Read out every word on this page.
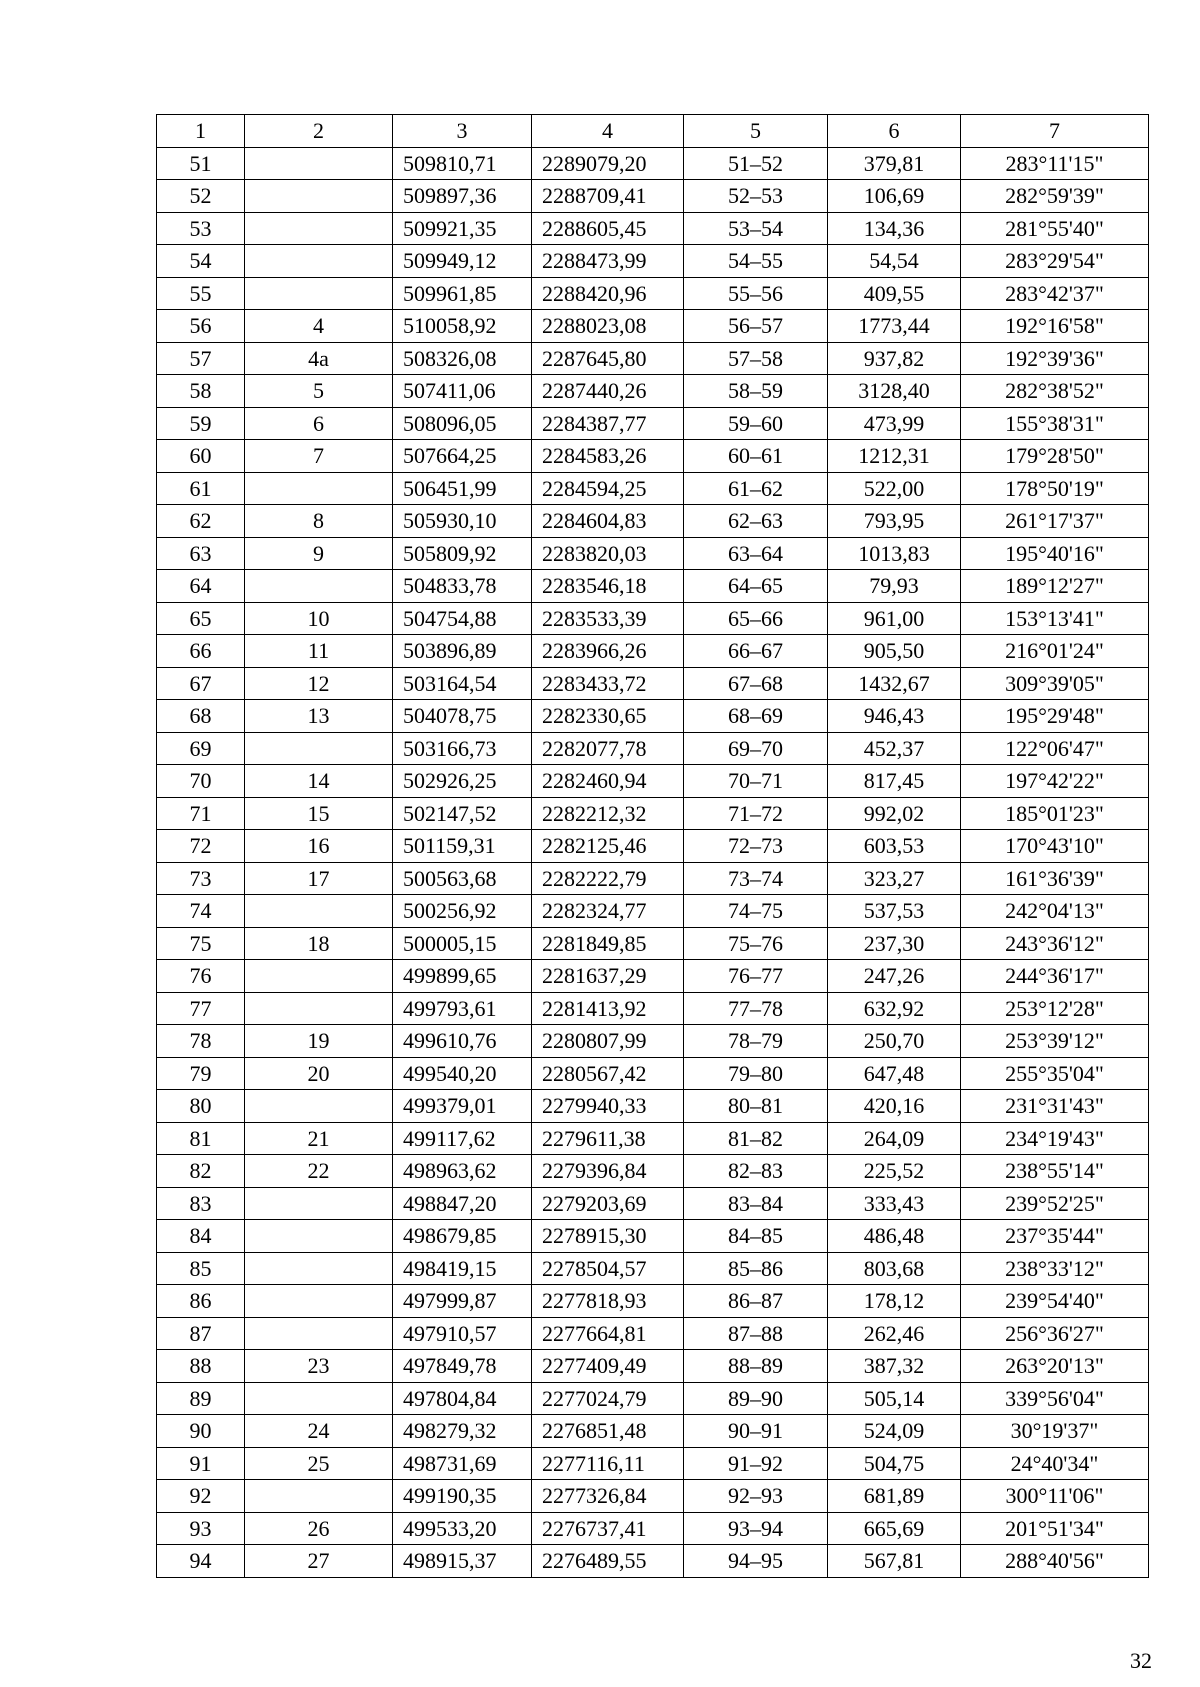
1	2	3	4	5	6	7
51		509810,71	2289079,20	51–52	379,81	283°11'15"
52		509897,36	2288709,41	52–53	106,69	282°59'39"
53		509921,35	2288605,45	53–54	134,36	281°55'40"
54		509949,12	2288473,99	54–55	54,54	283°29'54"
55		509961,85	2288420,96	55–56	409,55	283°42'37"
56	4	510058,92	2288023,08	56–57	1773,44	192°16'58"
57	4a	508326,08	2287645,80	57–58	937,82	192°39'36"
58	5	507411,06	2287440,26	58–59	3128,40	282°38'52"
59	6	508096,05	2284387,77	59–60	473,99	155°38'31"
60	7	507664,25	2284583,26	60–61	1212,31	179°28'50"
61		506451,99	2284594,25	61–62	522,00	178°50'19"
62	8	505930,10	2284604,83	62–63	793,95	261°17'37"
63	9	505809,92	2283820,03	63–64	1013,83	195°40'16"
64		504833,78	2283546,18	64–65	79,93	189°12'27"
65	10	504754,88	2283533,39	65–66	961,00	153°13'41"
66	11	503896,89	2283966,26	66–67	905,50	216°01'24"
67	12	503164,54	2283433,72	67–68	1432,67	309°39'05"
68	13	504078,75	2282330,65	68–69	946,43	195°29'48"
69		503166,73	2282077,78	69–70	452,37	122°06'47"
70	14	502926,25	2282460,94	70–71	817,45	197°42'22"
71	15	502147,52	2282212,32	71–72	992,02	185°01'23"
72	16	501159,31	2282125,46	72–73	603,53	170°43'10"
73	17	500563,68	2282222,79	73–74	323,27	161°36'39"
74		500256,92	2282324,77	74–75	537,53	242°04'13"
75	18	500005,15	2281849,85	75–76	237,30	243°36'12"
76		499899,65	2281637,29	76–77	247,26	244°36'17"
77		499793,61	2281413,92	77–78	632,92	253°12'28"
78	19	499610,76	2280807,99	78–79	250,70	253°39'12"
79	20	499540,20	2280567,42	79–80	647,48	255°35'04"
80		499379,01	2279940,33	80–81	420,16	231°31'43"
81	21	499117,62	2279611,38	81–82	264,09	234°19'43"
82	22	498963,62	2279396,84	82–83	225,52	238°55'14"
83		498847,20	2279203,69	83–84	333,43	239°52'25"
84		498679,85	2278915,30	84–85	486,48	237°35'44"
85		498419,15	2278504,57	85–86	803,68	238°33'12"
86		497999,87	2277818,93	86–87	178,12	239°54'40"
87		497910,57	2277664,81	87–88	262,46	256°36'27"
88	23	497849,78	2277409,49	88–89	387,32	263°20'13"
89		497804,84	2277024,79	89–90	505,14	339°56'04"
90	24	498279,32	2276851,48	90–91	524,09	30°19'37"
91	25	498731,69	2277116,11	91–92	504,75	24°40'34"
92		499190,35	2277326,84	92–93	681,89	300°11'06"
93	26	499533,20	2276737,41	93–94	665,69	201°51'34"
94	27	498915,37	2276489,55	94–95	567,81	288°40'56"
32
